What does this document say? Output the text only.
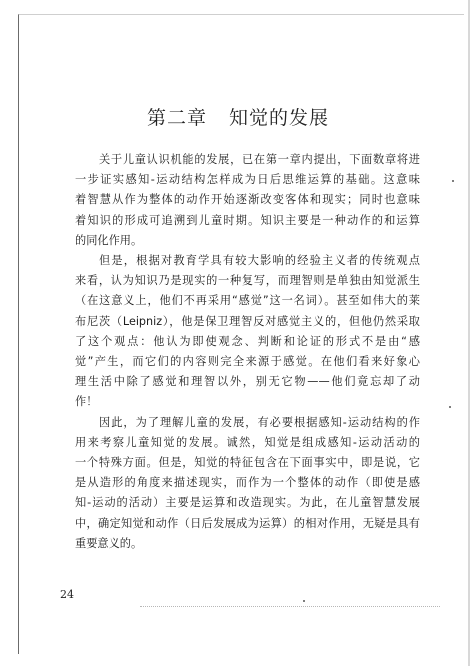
第二章 知觉的发展

关于儿童认识机能的发展，已在第一章内提出，下面数章将进
一步证实感知-运动结构怎样成为日后思维运算的基础。这意味
着智慧从作为整体的动作开始逐渐改变客体和现实；同时也意味
着知识的形成可追溯到儿童时期。知识主要是一种动作的和运算
的同化作用。

但是，根据对教育学具有较大影响的经验主义者的传统观点
来看，认为知识乃是现实的一种复写，而理智则是单独由知觉派生
（在这意义上，他们不再采用“感觉”这一名词）。甚至如伟大的莱
布尼茨（Leipniz），他是保卫理智反对感觉主义的，但他仍然采取
了这个观点：他认为即使观念、判断和论证的形式不是由“感
觉”产生，而它们的内容则完全来源于感觉。在他们看来好象心
理生活中除了感觉和理智以外，别无它物——他们竟忘却了动
作！

因此，为了理解儿童的发展，有必要根据感知-运动结构的作
用来考察儿童知觉的发展。诚然，知觉是组成感知-运动活动的
一个特殊方面。但是，知觉的特征包含在下面事实中，即是说，它
是从造形的角度来描述现实，而作为一个整体的动作（即使是感
知-运动的活动）主要是运算和改造现实。为此，在儿童智慧发展
中，确定知觉和动作（日后发展成为运算）的相对作用，无疑是具有
重要意义的。

24
